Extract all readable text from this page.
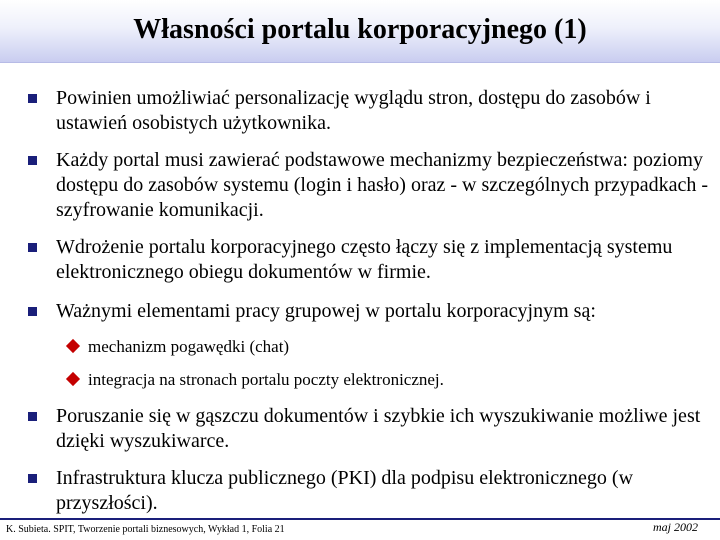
Własności portalu korporacyjnego (1)
Powinien umożliwiać personalizację wyglądu stron, dostępu do zasobów i ustawień osobistych użytkownika.
Każdy portal musi zawierać podstawowe mechanizmy bezpieczeństwa: poziomy dostępu do zasobów systemu (login i hasło) oraz - w szczególnych przypadkach - szyfrowanie komunikacji.
Wdrożenie portalu korporacyjnego często łączy się z implementacją systemu elektronicznego obiegu dokumentów w firmie.
Ważnymi elementami pracy grupowej w portalu korporacyjnym są:
mechanizm pogawędki (chat)
integracja na stronach portalu poczty elektronicznej.
Poruszanie się w gąszczu dokumentów i szybkie ich wyszukiwanie możliwe jest dzięki wyszukiwarce.
Infrastruktura klucza publicznego (PKI) dla podpisu elektronicznego (w przyszłości).
K. Subieta. SPIT, Tworzenie portali biznesowych, Wykład 1, Folia 21	maj 2002
